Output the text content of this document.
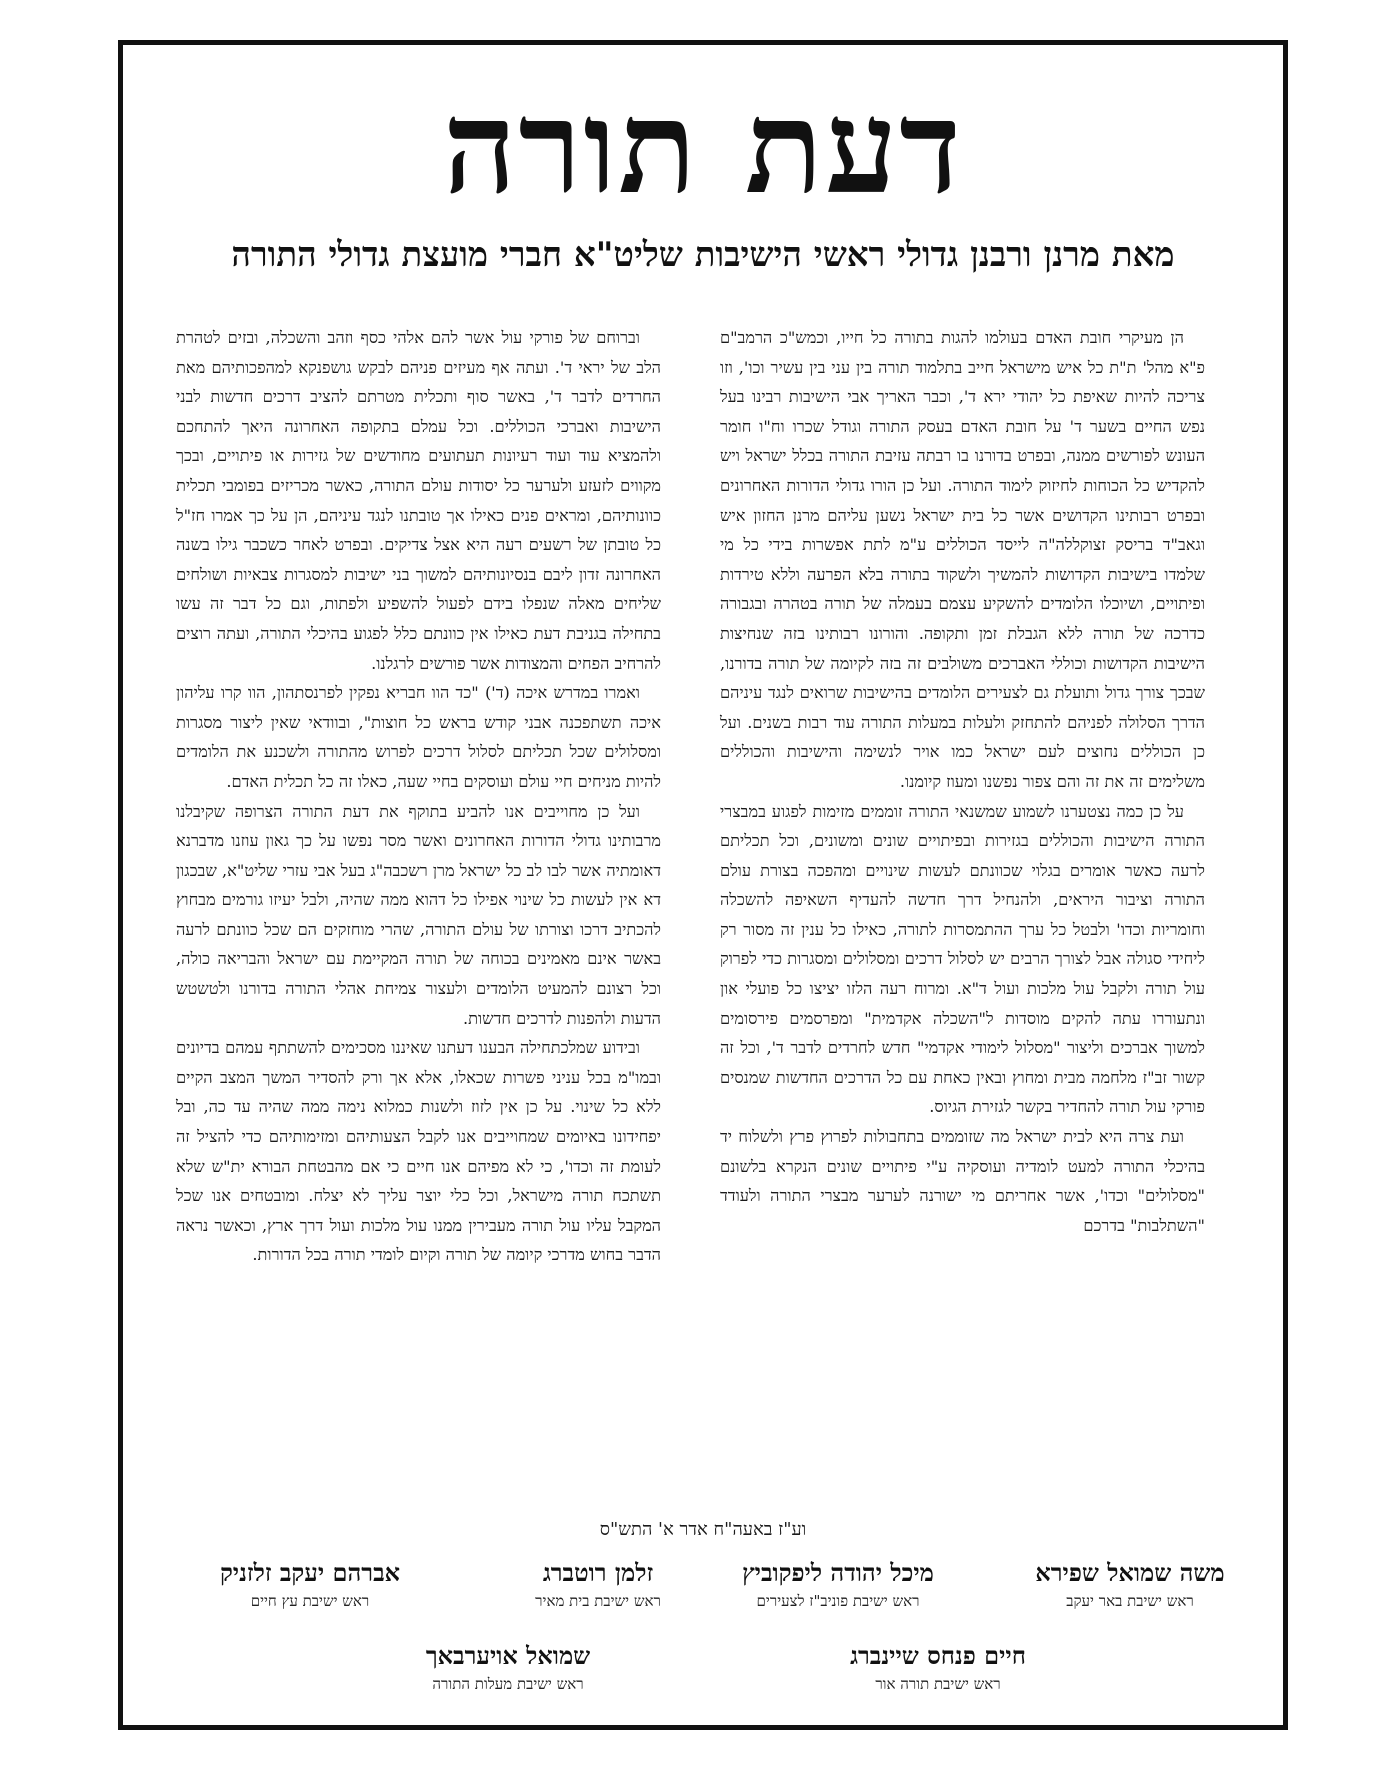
דעת תורה
מאת מרנן ורבנן גדולי ראשי הישיבות שליט"א חברי מועצת גדולי התורה

הן מעיקרי חובת האדם בעולמו להגות בתורה כל חייו, וכמש"כ הרמב"ם פ"א מהל' ת"ת כל איש מישראל חייב בתלמוד תורה בין עני בין עשיר וכו', וזו צריכה להיות שאיפת כל יהודי ירא ד', וכבר האריך אבי הישיבות רבינו בעל נפש החיים בשער ד' על חובת האדם בעסק התורה וגודל שכרו וח"ו חומר העונש לפורשים ממנה, ובפרט בדורנו בו רבתה עזיבת התורה בכלל ישראל ויש להקדיש כל הכוחות לחיזוק לימוד התורה. ועל כן הורו גדולי הדורות האחרונים ובפרט רבותינו הקדושים אשר כל בית ישראל נשען עליהם מרנן החזון איש וגאב"ד בריסק זצוקללה"ה לייסד הכוללים ע"מ לתת אפשרות בידי כל מי שלמדו בישיבות הקדושות להמשיך ולשקוד בתורה בלא הפרעה וללא טירדות ופיתויים, ושיוכלו הלומדים להשקיע עצמם בעמלה של תורה בטהרה ובגבורה כדרכה של תורה ללא הגבלת זמן ותקופה. והורונו רבותינו בזה שנחיצות הישיבות הקדושות וכוללי האברכים משולבים זה בזה לקיומה של תורה בדורנו, שבכך צורך גדול ותועלת גם לצעירים הלומדים בהישיבות שרואים לנגד עיניהם הדרך הסלולה לפניהם להתחזק ולעלות במעלות התורה עוד רבות בשנים. ועל כן הכוללים נחוצים לעם ישראל כמו אויר לנשימה והישיבות והכוללים משלימים זה את זה והם צפור נפשנו ומעוז קיומנו.

על כן כמה נצטערנו לשמוע שמשנאי התורה זוממים מזימות לפגוע במבצרי התורה הישיבות והכוללים בגזירות ובפיתויים שונים ומשונים, וכל תכליתם לרעה כאשר אומרים בגלוי שכוונתם לעשות שינויים ומהפכה בצורת עולם התורה וציבור היראים, ולהנחיל דרך חדשה להעדיף השאיפה להשכלה וחומריות וכדו' ולבטל כל ערך ההתמסרות לתורה, כאילו כל ענין זה מסור רק ליחידי סגולה אבל לצורך הרבים יש לסלול דרכים ומסלולים ומסגרות כדי לפרוק עול תורה ולקבל עול מלכות ועול ד"א. ומרוח רעה הלזו יציצו כל פועלי און ונתעוררו עתה להקים מוסדות ל"השכלה אקדמית" ומפרסמים פירסומים למשוך אברכים וליצור "מסלול לימודי אקדמי" חדש לחרדים לדבר ד', וכל זה קשור זב"ז מלחמה מבית ומחוץ ובאין כאחת עם כל הדרכים החדשות שמנסים פורקי עול תורה להחדיר בקשר לגזירת הגיוס.

ועת צרה היא לבית ישראל מה שזוממים בתחבולות לפרוץ פרץ ולשלוח יד בהיכלי התורה למעט לומדיה ועוסקיה ע"י פיתויים שונים הנקרא בלשונם "מסלולים" וכדו', אשר אחריתם מי ישורנה לערער מבצרי התורה ולעודד "השתלבות" בדרכם

וברוחם של פורקי עול אשר להם אלהי כסף וזהב והשכלה, ובזים לטהרת הלב של יראי ד'. ועתה אף מעיזים פניהם לבקש גושפנקא למהפכותיהם מאת החרדים לדבר ד', באשר סוף ותכלית מטרתם להציב דרכים חדשות לבני הישיבות ואברכי הכוללים. וכל עמלם בתקופה האחרונה היאך להתחכם ולהמציא עוד ועוד רעיונות תעתועים מחודשים של גזירות או פיתויים, ובכך מקווים לזעזע ולערער כל יסודות עולם התורה, כאשר מכריזים בפומבי תכלית כוונותיהם, ומראים פנים כאילו אך טובתנו לנגד עיניהם, הן על כך אמרו חז"ל כל טובתן של רשעים רעה היא אצל צדיקים. ובפרט לאחר כשכבר גילו בשנה האחרונה זדון ליבם בנסיונותיהם למשוך בני ישיבות למסגרות צבאיות ושולחים שליחים מאלה שנפלו בידם לפעול להשפיע ולפתות, וגם כל דבר זה עשו בתחילה בגניבת דעת כאילו אין כוונתם כלל לפגוע בהיכלי התורה, ועתה רוצים להרחיב הפחים והמצודות אשר פורשים לרגלנו.

ואמרו במדרש איכה (ד') "כד הוו חבריא נפקין לפרנסתהון, הוו קרו עליהון איכה תשתפכנה אבני קודש בראש כל חוצות", ובוודאי שאין ליצור מסגרות ומסלולים שכל תכליתם לסלול דרכים לפרוש מהתורה ולשכנע את הלומדים להיות מניחים חיי עולם ועוסקים בחיי שעה, כאלו זה כל תכלית האדם.

ועל כן מחוייבים אנו להביע בתוקף את דעת התורה הצרופה שקיבלנו מרבותינו גדולי הדורות האחרונים ואשר מסר נפשו על כך גאון עוזנו מדברנא דאומתיה אשר לבו לב כל ישראל מרן רשכבה"ג בעל אבי עזרי שליט"א, שבכגון דא אין לעשות כל שינוי אפילו כל דהוא ממה שהיה, ולבל יעיזו גורמים מבחוץ להכתיב דרכו וצורתו של עולם התורה, שהרי מוחזקים הם שכל כוונתם לרעה באשר אינם מאמינים בכוחה של תורה המקיימת עם ישראל והבריאה כולה, וכל רצונם להמעיט הלומדים ולעצור צמיחת אהלי התורה בדורנו ולטשטש הדעות ולהפנות לדרכים חדשות.

ובידוע שמלכתחילה הבענו דעתנו שאיננו מסכימים להשתתף עמהם בדיונים ובמו"מ בכל עניני פשרות שכאלו, אלא אך ורק להסדיר המשך המצב הקיים ללא כל שינוי. על כן אין לזוז ולשנות כמלוא נימה ממה שהיה עד כה, ובל יפחידונו באיומים שמחוייבים אנו לקבל הצעותיהם ומזימותיהם כדי להציל זה לעומת זה וכדו', כי לא מפיהם אנו חיים כי אם מהבטחת הבורא ית"ש שלא תשתכח תורה מישראל, וכל כלי יוצר עליך לא יצלח. ומובטחים אנו שכל המקבל עליו עול תורה מעבירין ממנו עול מלכות ועול דרך ארץ, וכאשר נראה הדבר בחוש מדרכי קיומה של תורה וקיום לומדי תורה בכל הדורות.

וע"ז באעה"ח אדר א' התש"ס
משה שמואל שפירא
ראש ישיבת באר יעקב
מיכל יהודה ליפקוביץ
ראש ישיבת פוניב"ז לצעירים
זלמן רוטברג
ראש ישיבת בית מאיר
אברהם יעקב זלזניק
ראש ישיבת עץ חיים
חיים פנחס שיינברג
ראש ישיבת תורה אור
שמואל אויערבאך
ראש ישיבת מעלות התורה
